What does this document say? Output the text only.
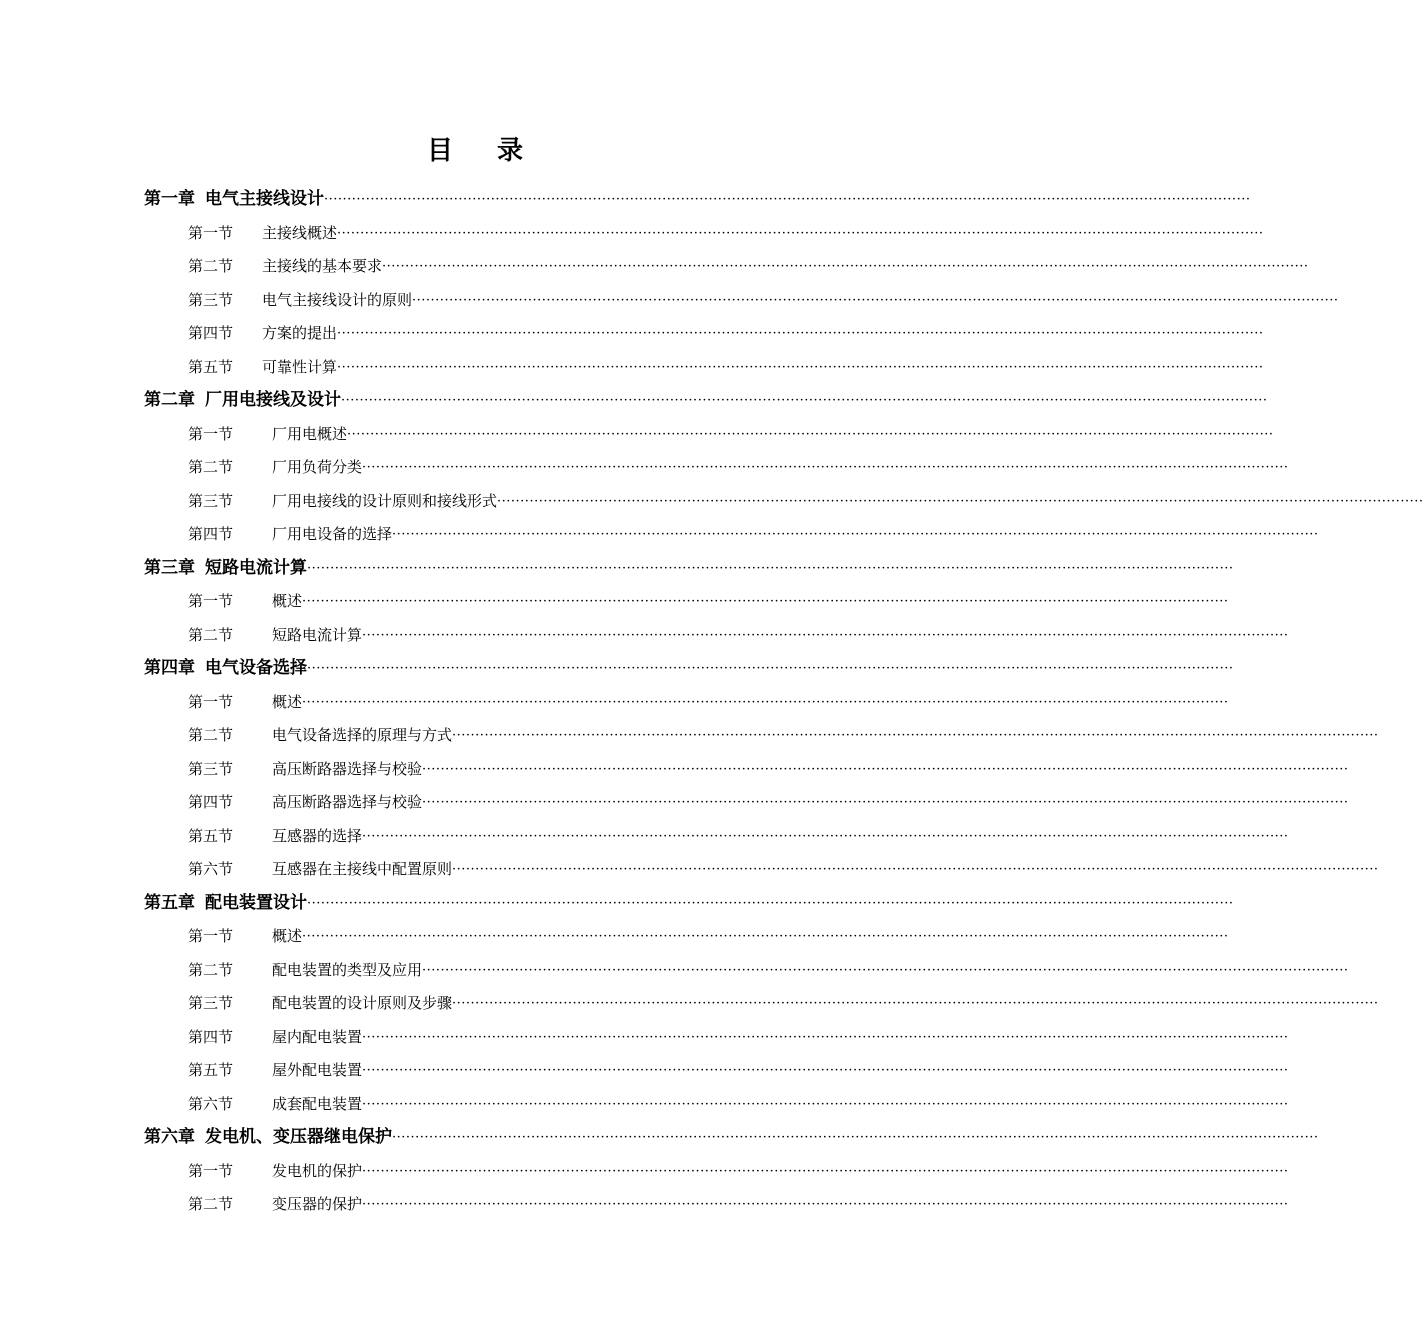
目 录
第一章 电气主接线设计········································································································································································································
第一节 主接线概述········································································································································································································
第二节 主接线的基本要求········································································································································································································
第三节 电气主接线设计的原则········································································································································································································
第四节 方案的提出········································································································································································································
第五节 可靠性计算········································································································································································································
第二章 厂用电接线及设计········································································································································································································
第一节	厂用电概述········································································································································································································
第二节	厂用负荷分类········································································································································································································
第三节	厂用电接线的设计原则和接线形式········································································································································································································
第四节	厂用电设备的选择········································································································································································································
第三章 短路电流计算········································································································································································································
第一节	概述········································································································································································································
第二节	短路电流计算········································································································································································································
第四章 电气设备选择········································································································································································································
第一节	概述········································································································································································································
第二节	电气设备选择的原理与方式········································································································································································································
第三节	高压断路器选择与校验········································································································································································································
第四节	高压断路器选择与校验········································································································································································································
第五节	互感器的选择········································································································································································································
第六节	互感器在主接线中配置原则········································································································································································································
第五章 配电装置设计········································································································································································································
第一节	概述········································································································································································································
第二节	配电装置的类型及应用········································································································································································································
第三节	配电装置的设计原则及步骤········································································································································································································
第四节	屋内配电装置········································································································································································································
第五节	屋外配电装置········································································································································································································
第六节	成套配电装置········································································································································································································
第六章 发电机、变压器继电保护········································································································································································································
第一节	发电机的保护········································································································································································································
第二节	变压器的保护········································································································································································································
